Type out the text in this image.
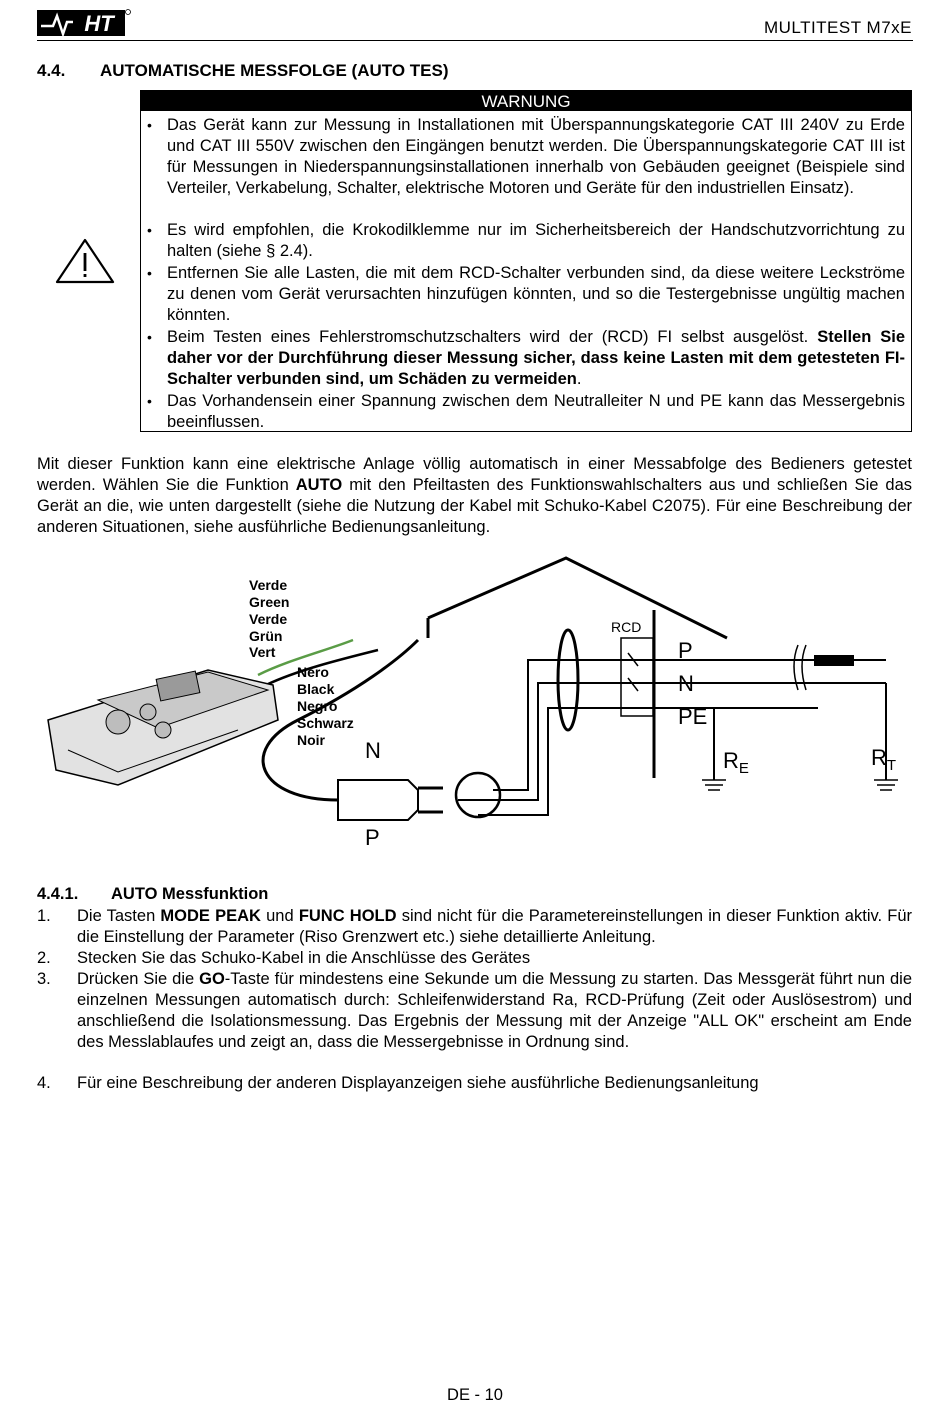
HT	MULTITEST M7xE
4.4. AUTOMATISCHE MESSFOLGE (AUTO TES)
WARNUNG
• Das Gerät kann zur Messung in Installationen mit Überspannungskategorie CAT III 240V zu Erde und CAT III 550V zwischen den Eingängen benutzt werden. Die Überspannungskategorie CAT III ist für Messungen in Niederspannungsinstallationen innerhalb von Gebäuden geeignet (Beispiele sind Verteiler, Verkabelung, Schalter, elektrische Motoren und Geräte für den industriellen Einsatz).
• Es wird empfohlen, die Krokodilklemme nur im Sicherheitsbereich der Handschutzvorrichtung zu halten (siehe § 2.4).
• Entfernen Sie alle Lasten, die mit dem RCD-Schalter verbunden sind, da diese weitere Leckströme zu denen vom Gerät verursachten hinzufügen könnten, und so die Testergebnisse ungültig machen könnten.
• Beim Testen eines Fehlerstromschutzschalters wird der (RCD) FI selbst ausgelöst. Stellen Sie daher vor der Durchführung dieser Messung sicher, dass keine Lasten mit dem getesteten FI- Schalter verbunden sind, um Schäden zu vermeiden.
• Das Vorhandensein einer Spannung zwischen dem Neutralleiter N und PE kann das Messergebnis beeinflussen.

Mit dieser Funktion kann eine elektrische Anlage völlig automatisch in einer Messabfolge des Bedieners getestet werden. Wählen Sie die Funktion AUTO mit den Pfeiltasten des Funktionswahlschalters aus und schließen Sie das Gerät an die, wie unten dargestellt (siehe die Nutzung der Kabel mit Schuko-Kabel C2075). Für eine Beschreibung der anderen Situationen, siehe ausführliche Bedienungsanleitung.

RCD
P
N
PE
$R_E$	$R_T$
N
P
Verde
Green
Verde
Grün
Vert
Nero
Black
Negro
Schwarz
Noir
4.4.1. AUTO Messfunktion
1. Die Tasten MODE PEAK und FUNC HOLD sind nicht für die Parametereinstellungen in dieser Funktion aktiv. Für die Einstellung der Parameter (Riso Grenzwert etc.) siehe detaillierte Anleitung.
2. Stecken Sie das Schuko-Kabel in die Anschlüsse des Gerätes
3. Drücken Sie die GO-Taste für mindestens eine Sekunde um die Messung zu starten. Das Messgerät führt nun die einzelnen Messungen automatisch durch: Schleifenwiderstand Ra, RCD-Prüfung (Zeit oder Auslösestrom) und anschließend die Isolationsmessung. Das Ergebnis der Messung mit der Anzeige "ALL OK" erscheint am Ende des Messlablaufes und zeigt an, dass die Messergebnisse in Ordnung sind.
4. Für eine Beschreibung der anderen Displayanzeigen siehe ausführliche Bedienungsanleitung
DE - 10
